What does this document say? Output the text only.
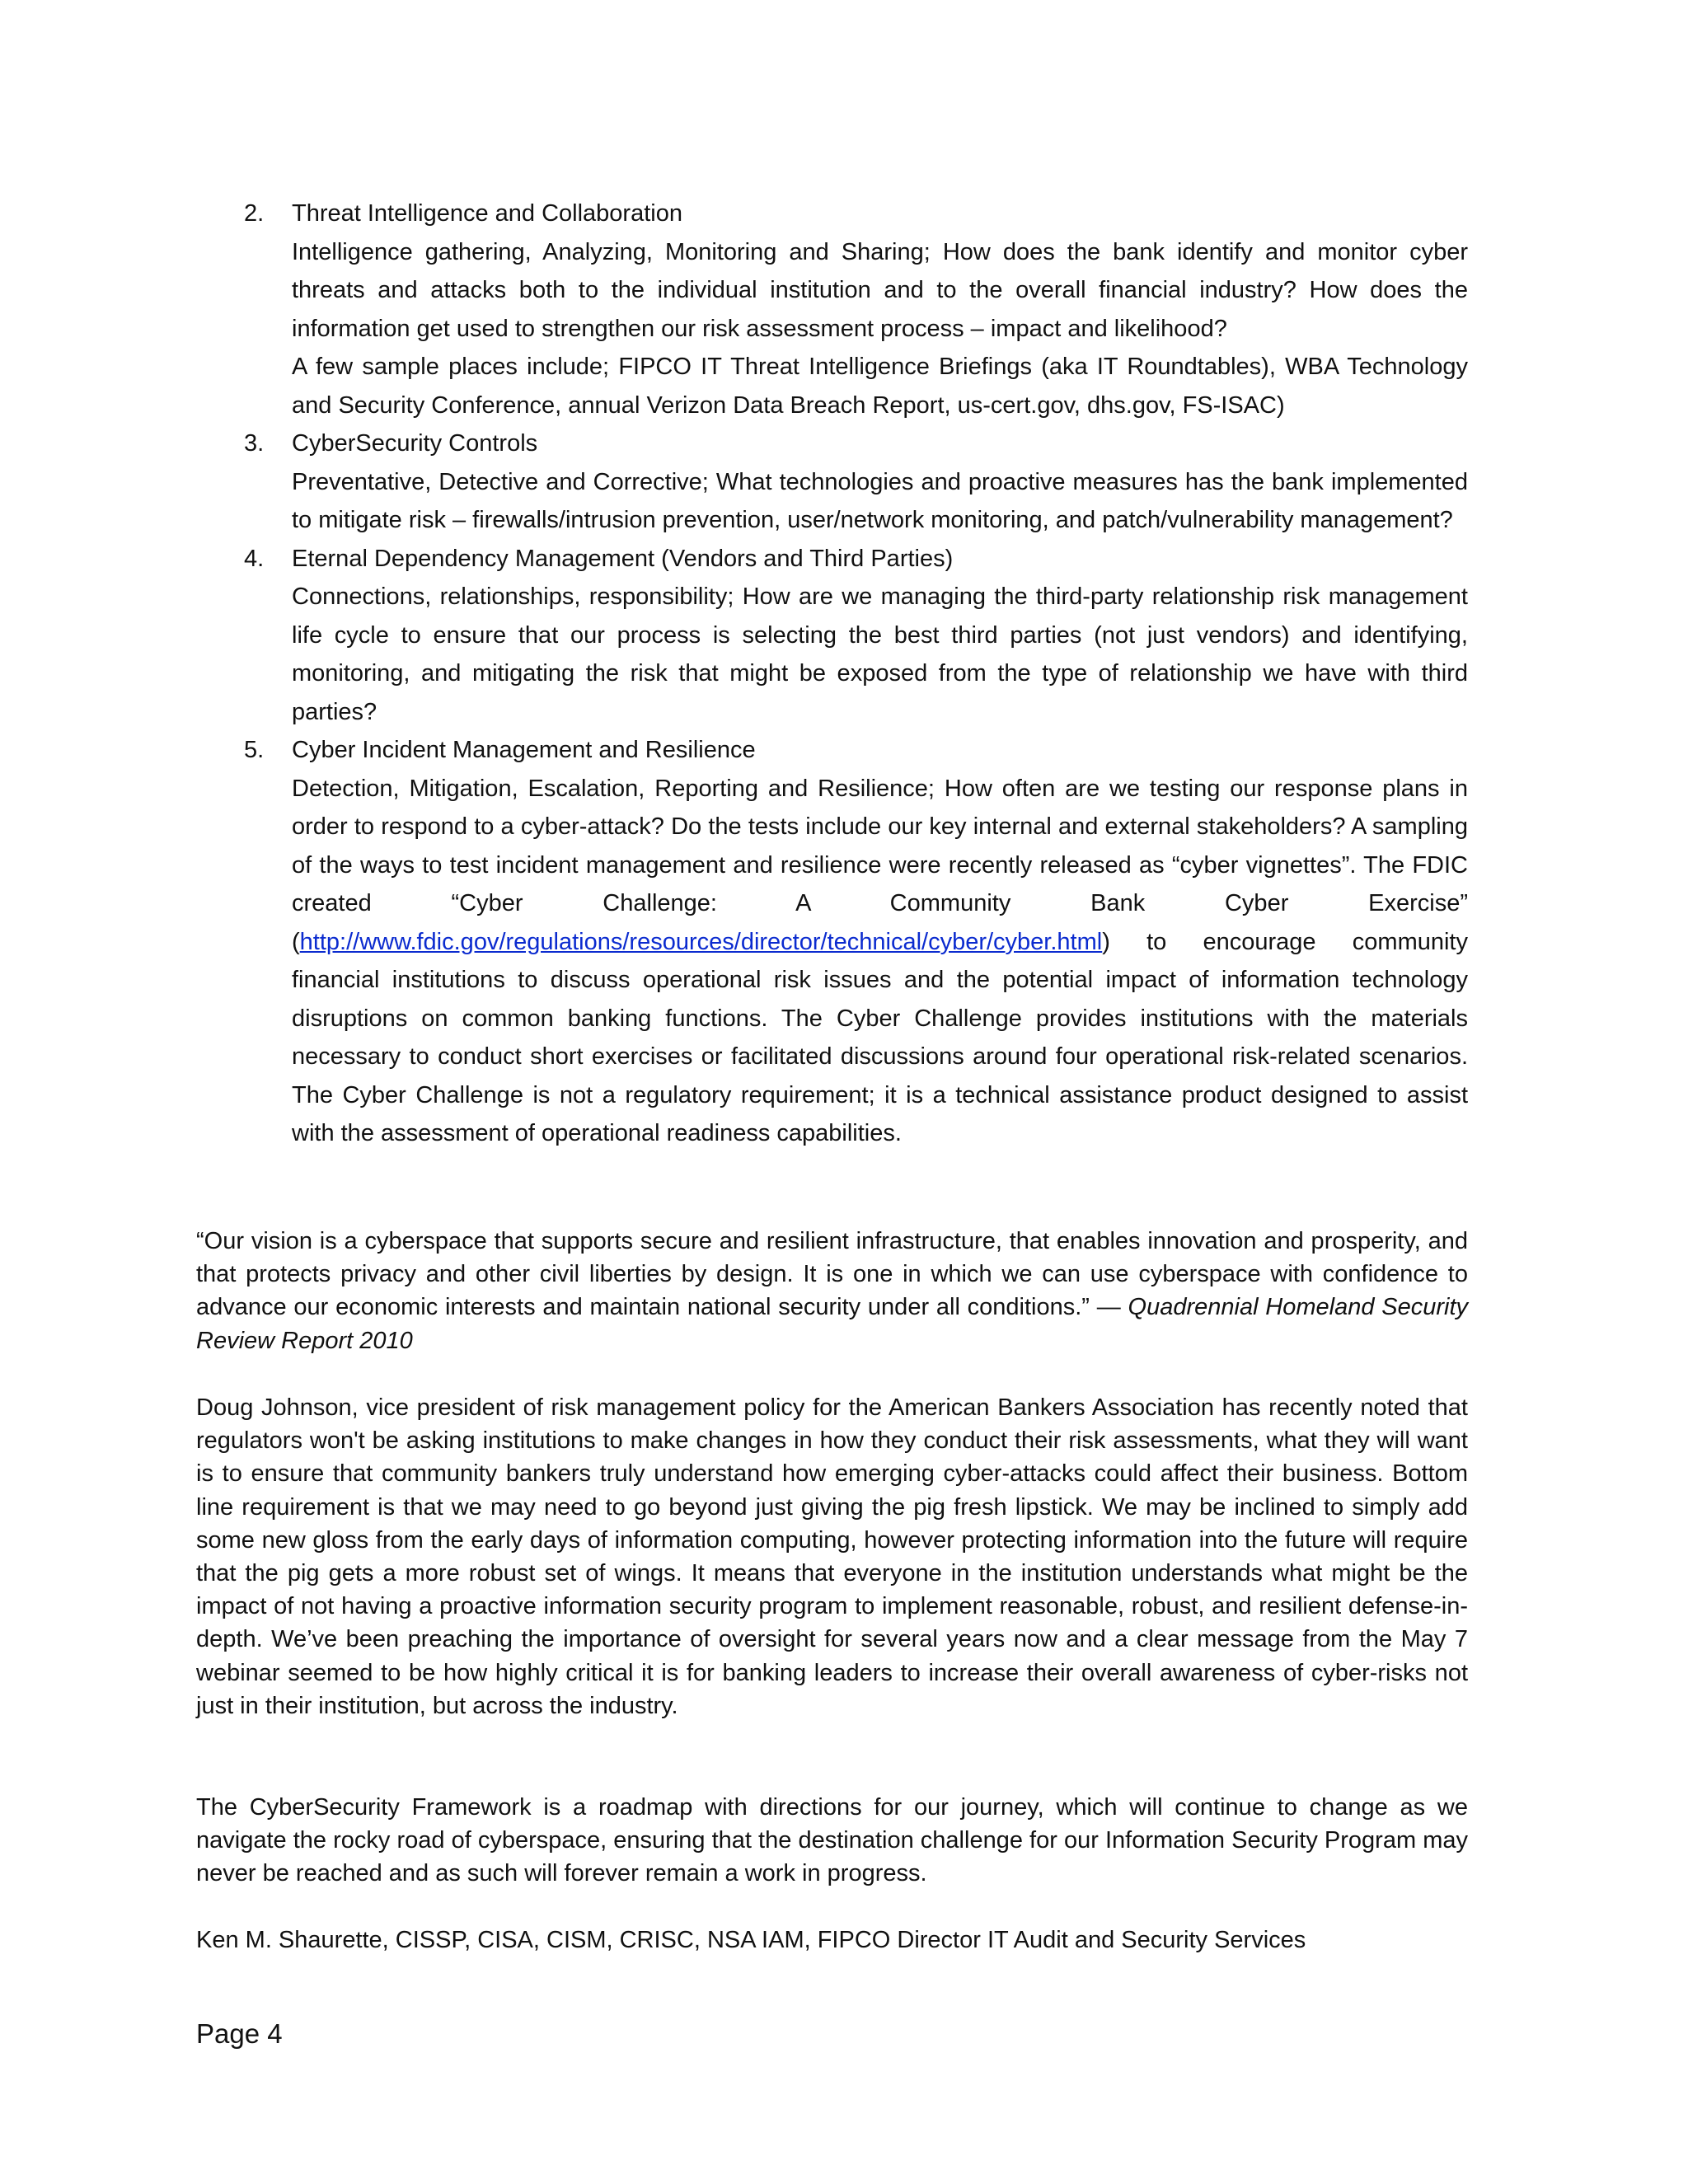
2. Threat Intelligence and Collaboration

Intelligence gathering, Analyzing, Monitoring and Sharing; How does the bank identify and monitor cyber threats and attacks both to the individual institution and to the overall financial industry? How does the information get used to strengthen our risk assessment process – impact and likelihood?

A few sample places include; FIPCO IT Threat Intelligence Briefings (aka IT Roundtables), WBA Technology and Security Conference, annual Verizon Data Breach Report, us-cert.gov, dhs.gov, FS-ISAC)

3. CyberSecurity Controls

Preventative, Detective and Corrective; What technologies and proactive measures has the bank implemented to mitigate risk – firewalls/intrusion prevention, user/network monitoring, and patch/vulnerability management?

4. Eternal Dependency Management (Vendors and Third Parties)

Connections, relationships, responsibility; How are we managing the third-party relationship risk management life cycle to ensure that our process is selecting the best third parties (not just vendors) and identifying, monitoring, and mitigating the risk that might be exposed from the type of relationship we have with third parties?

5. Cyber Incident Management and Resilience

Detection, Mitigation, Escalation, Reporting and Resilience; How often are we testing our response plans in order to respond to a cyber-attack? Do the tests include our key internal and external stakeholders? A sampling of the ways to test incident management and resilience were recently released as “cyber vignettes”. The FDIC created “Cyber Challenge: A Community Bank Cyber Exercise” (http://www.fdic.gov/regulations/resources/director/technical/cyber/cyber.html) to encourage community financial institutions to discuss operational risk issues and the potential impact of information technology disruptions on common banking functions. The Cyber Challenge provides institutions with the materials necessary to conduct short exercises or facilitated discussions around four operational risk-related scenarios. The Cyber Challenge is not a regulatory requirement; it is a technical assistance product designed to assist with the assessment of operational readiness capabilities.

“Our vision is a cyberspace that supports secure and resilient infrastructure, that enables innovation and prosperity, and that protects privacy and other civil liberties by design. It is one in which we can use cyberspace with confidence to advance our economic interests and maintain national security under all conditions.” — Quadrennial Homeland Security Review Report 2010

Doug Johnson, vice president of risk management policy for the American Bankers Association has recently noted that regulators won't be asking institutions to make changes in how they conduct their risk assessments, what they will want is to ensure that community bankers truly understand how emerging cyber-attacks could affect their business. Bottom line requirement is that we may need to go beyond just giving the pig fresh lipstick. We may be inclined to simply add some new gloss from the early days of information computing, however protecting information into the future will require that the pig gets a more robust set of wings. It means that everyone in the institution understands what might be the impact of not having a proactive information security program to implement reasonable, robust, and resilient defense-in-depth. We’ve been preaching the importance of oversight for several years now and a clear message from the May 7 webinar seemed to be how highly critical it is for banking leaders to increase their overall awareness of cyber-risks not just in their institution, but across the industry.

The CyberSecurity Framework is a roadmap with directions for our journey, which will continue to change as we navigate the rocky road of cyberspace, ensuring that the destination challenge for our Information Security Program may never be reached and as such will forever remain a work in progress.

Ken M. Shaurette, CISSP, CISA, CISM, CRISC, NSA IAM, FIPCO Director IT Audit and Security Services
Page 4
